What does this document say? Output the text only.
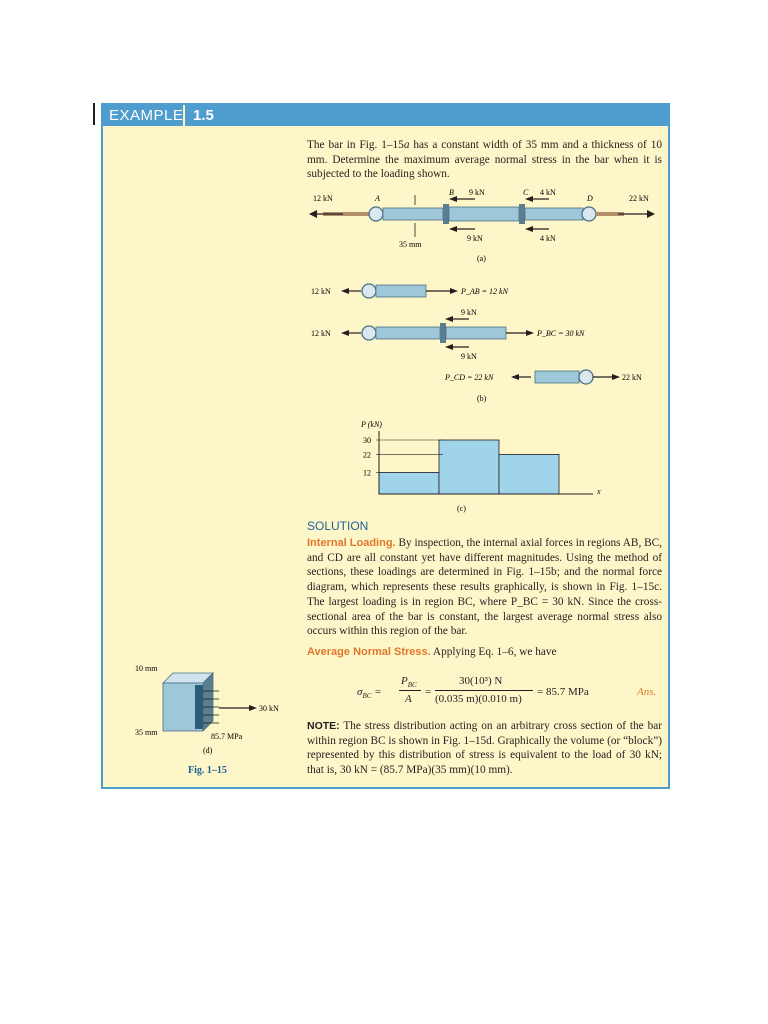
EXAMPLE 1.5

The bar in Fig. 1–15a has a constant width of 35 mm and a thickness of 10 mm. Determine the maximum average normal stress in the bar when it is subjected to the loading shown.

12 kN	22 kN
A
B	C
D
9 kN
9 kN
4 kN
4 kN
35 mm
(a)
12 kN	P_AB = 12 kN
12 kN
9 kN
9 kN
P_BC = 30 kN
P_CD = 22 kN	22 kN
(b)
30
22
12
P (kN)
x
(c)
SOLUTION

Internal Loading. By inspection, the internal axial forces in regions AB, BC, and CD are all constant yet have different magnitudes. Using the method of sections, these loadings are determined in Fig. 1–15b; and the normal force diagram, which represents these results graphically, is shown in Fig. 1–15c. The largest loading is in region BC, where P_BC = 30 kN. Since the cross-sectional area of the bar is constant, the largest average normal stress also occurs within this region of the bar.

Average Normal Stress. Applying Eq. 1–6, we have

$\sigma_{BC}$ =
$P_{BC}$
A
=
30(10³) N
(0.035 m)(0.010 m)
= 85.7 MPa	Ans.

NOTE: The stress distribution acting on an arbitrary cross section of the bar within region BC is shown in Fig. 1–15d. Graphically the volume (or “block”) represented by this distribution of stress is equivalent to the load of 30 kN; that is, 30 kN = (85.7 MPa)(35 mm)(10 mm).

10 mm
30 kN
35 mm	85.7 MPa
(d)
Fig. 1–15
